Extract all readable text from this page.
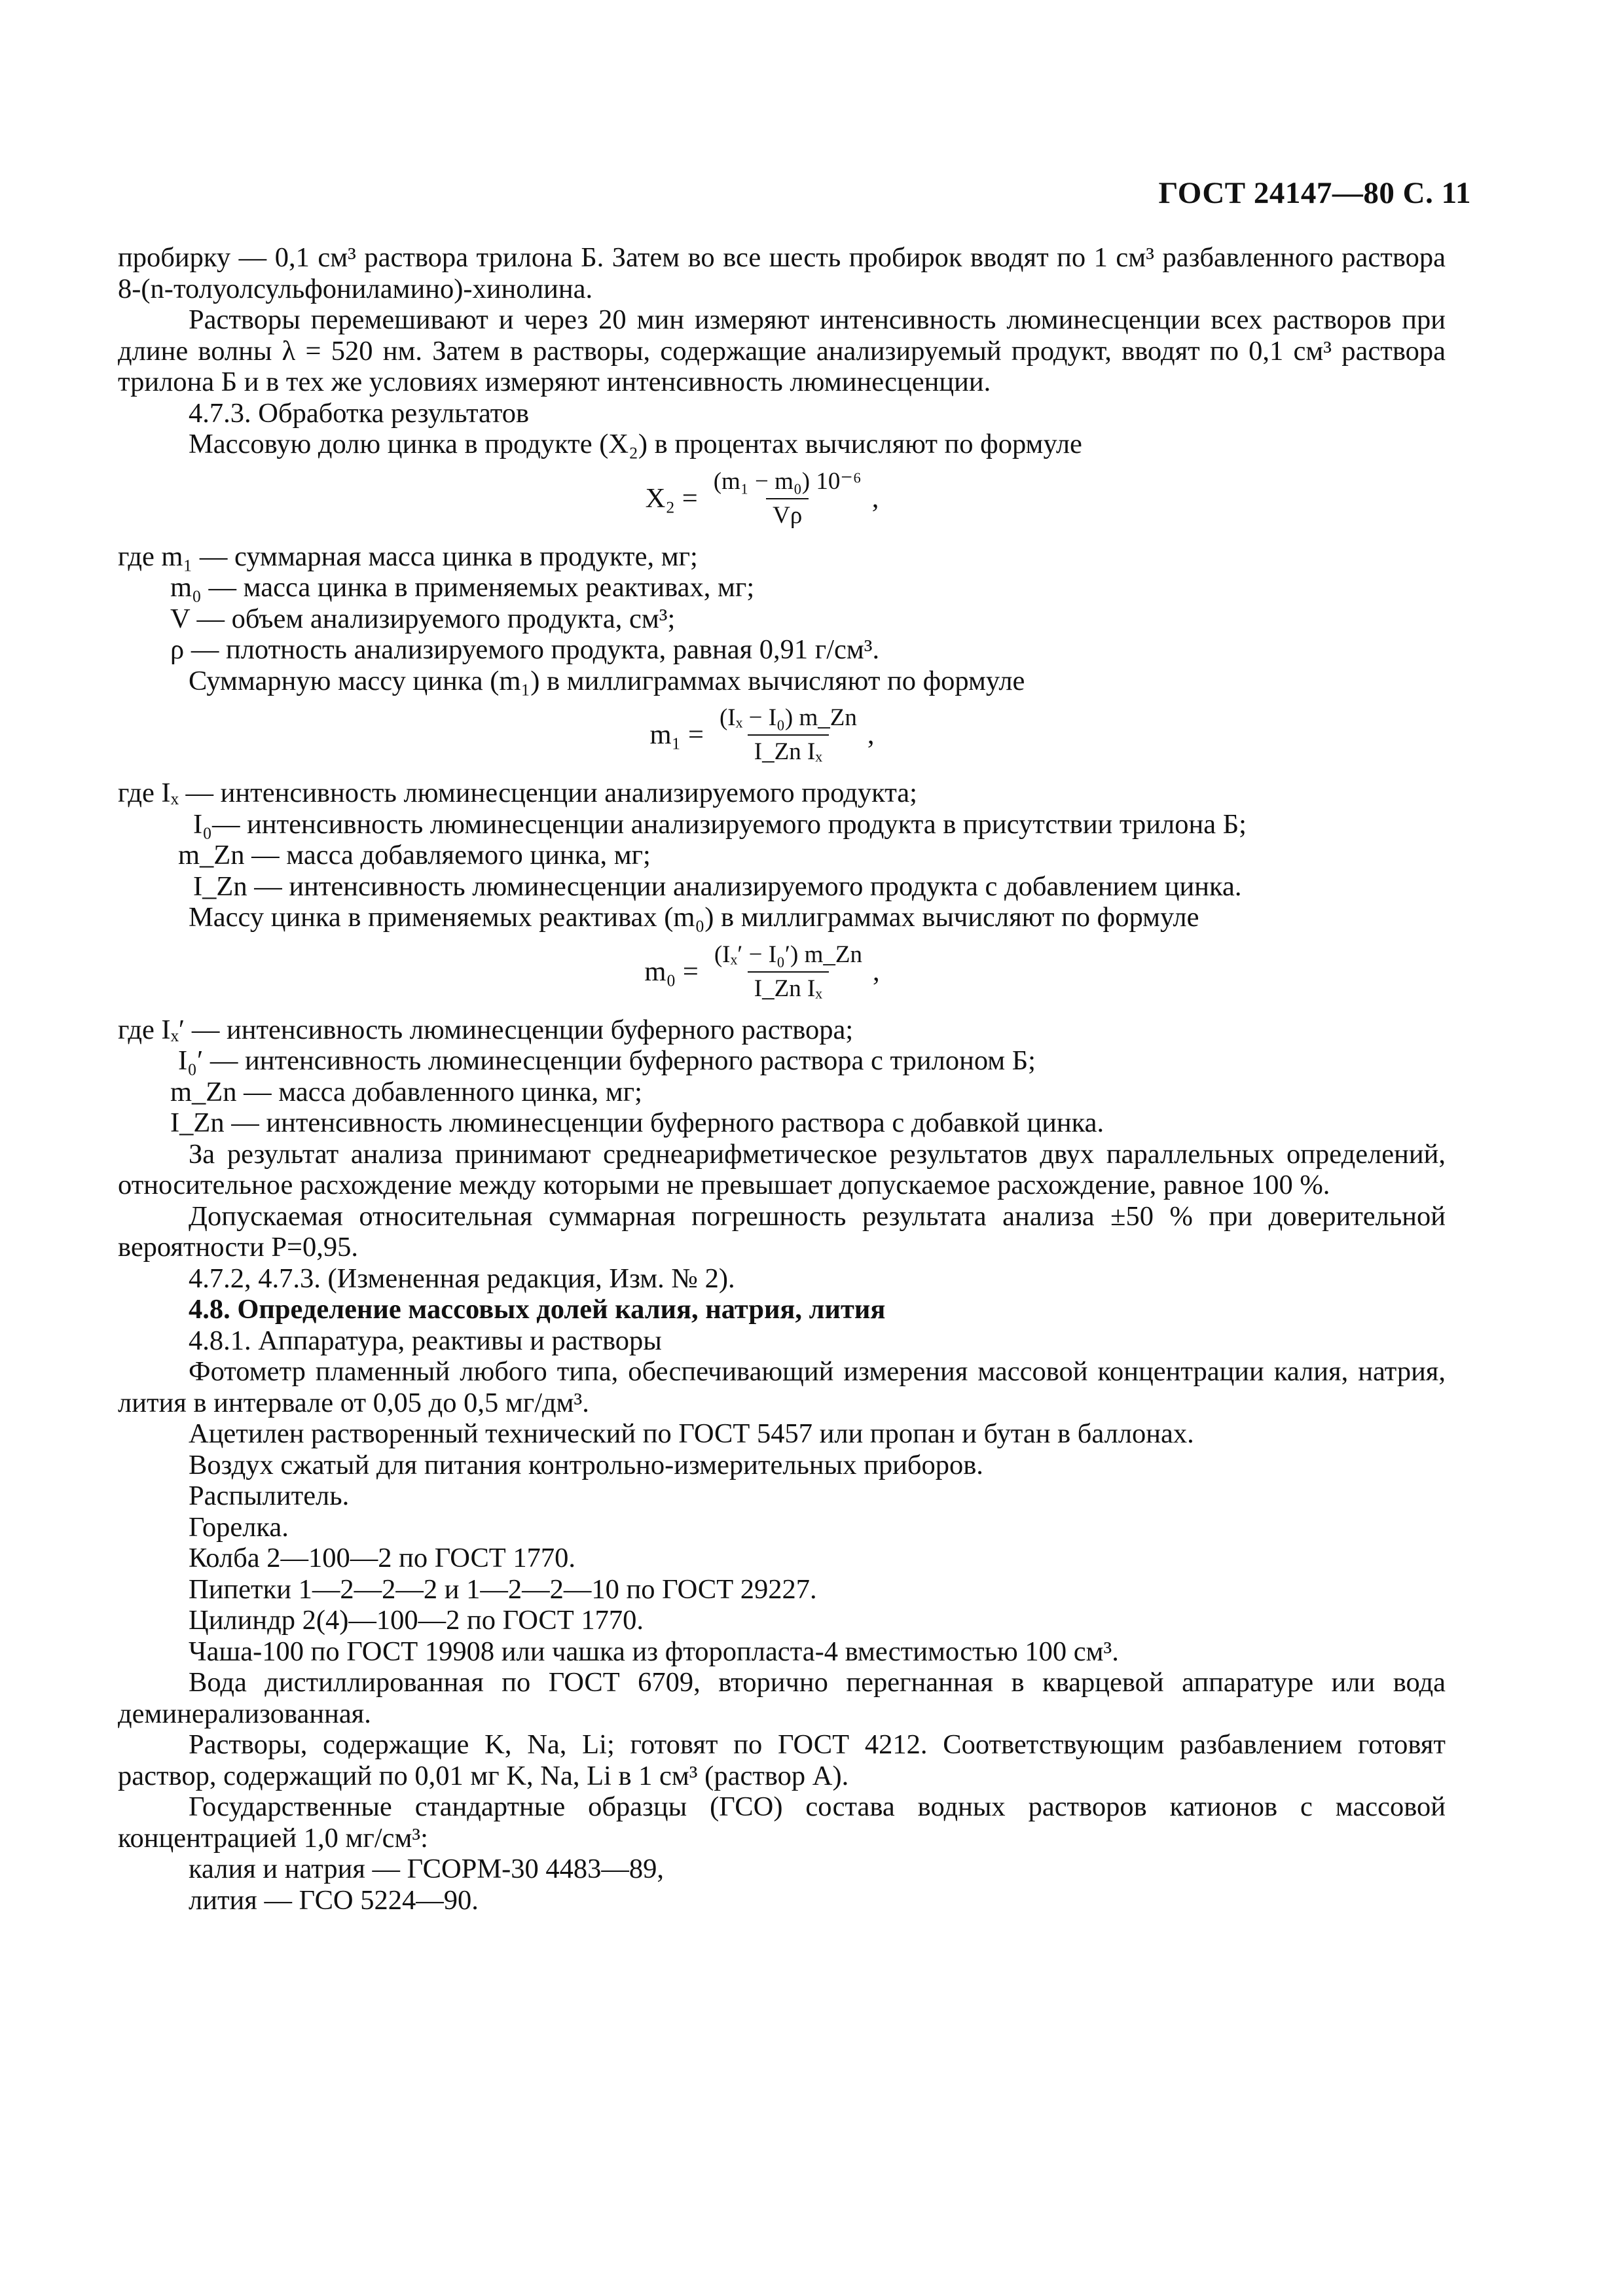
ГОСТ 24147—80 С. 11

пробирку — 0,1 см³ раствора трилона Б. Затем во все шесть пробирок вводят по 1 см³ разбавленного раствора 8-(n-толуолсульфониламино)-хинолина.

Растворы перемешивают и через 20 мин измеряют интенсивность люминесценции всех растворов при длине волны λ = 520 нм. Затем в растворы, содержащие анализируемый продукт, вводят по 0,1 см³ раствора трилона Б и в тех же условиях измеряют интенсивность люминесценции.

4.7.3. Обработка результатов

Массовую долю цинка в продукте (X₂) в процентах вычисляют по формуле

$X_2 = \frac{\text{(m₁ − m₀) 10⁻⁶}}{V\rho}$ ,

где m₁ — суммарная масса цинка в продукте, мг;

m₀ — масса цинка в применяемых реактивах, мг;

V — объем анализируемого продукта, см³;

ρ — плотность анализируемого продукта, равная 0,91 г/см³.

Суммарную массу цинка (m₁) в миллиграммах вычисляют по формуле

$m_1 = \frac{\text{(Iₓ − I₀) m\_Zn}}{\text{I\_Zn Iₓ}}$ ,

где Iₓ — интенсивность люминесценции анализируемого продукта;

I₀— интенсивность люминесценции анализируемого продукта в присутствии трилона Б;

m_Zn — масса добавляемого цинка, мг;

I_Zn — интенсивность люминесценции анализируемого продукта с добавлением цинка.

Массу цинка в применяемых реактивах (m₀) в миллиграммах вычисляют по формуле

$m_0 = \frac{\text{(Iₓ′ − I₀′) m\_Zn}}{\text{I\_Zn Iₓ}}$ ,

где Iₓ′ — интенсивность люминесценции буферного раствора;

I₀′ — интенсивность люминесценции буферного раствора с трилоном Б;

m_Zn — масса добавленного цинка, мг;

I_Zn — интенсивность люминесценции буферного раствора с добавкой цинка.

За результат анализа принимают среднеарифметическое результатов двух параллельных определений, относительное расхождение между которыми не превышает допускаемое расхождение, равное 100 %.

Допускаемая относительная суммарная погрешность результата анализа ±50 % при доверительной вероятности P=0,95.

4.7.2, 4.7.3. (Измененная редакция, Изм. № 2).

4.8. Определение массовых долей калия, натрия, лития

4.8.1. Аппаратура, реактивы и растворы

Фотометр пламенный любого типа, обеспечивающий измерения массовой концентрации калия, натрия, лития в интервале от 0,05 до 0,5 мг/дм³.

Ацетилен растворенный технический по ГОСТ 5457 или пропан и бутан в баллонах.

Воздух сжатый для питания контрольно-измерительных приборов.

Распылитель.

Горелка.

Колба 2—100—2 по ГОСТ 1770.

Пипетки 1—2—2—2 и 1—2—2—10 по ГОСТ 29227.

Цилиндр 2(4)—100—2 по ГОСТ 1770.

Чаша-100 по ГОСТ 19908 или чашка из фторопласта-4 вместимостью 100 см³.

Вода дистиллированная по ГОСТ 6709, вторично перегнанная в кварцевой аппаратуре или вода деминерализованная.

Растворы, содержащие K, Na, Li; готовят по ГОСТ 4212. Соответствующим разбавлением готовят раствор, содержащий по 0,01 мг K, Na, Li в 1 см³ (раствор А).

Государственные стандартные образцы (ГСО) состава водных растворов катионов с массовой концентрацией 1,0 мг/см³:

калия и натрия — ГСОРМ-30 4483—89,

лития — ГСО 5224—90.
